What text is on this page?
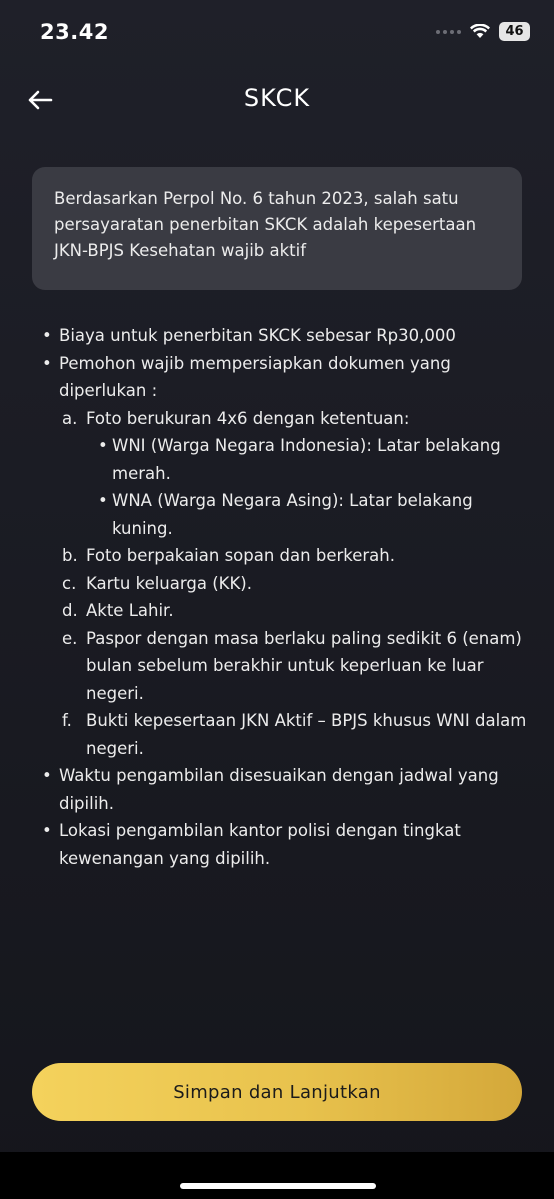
23.42	46
SKCK
Berdasarkan Perpol No. 6 tahun 2023, salah satu persayaratan penerbitan SKCK adalah kepesertaan JKN-BPJS Kesehatan wajib aktif
• Biaya untuk penerbitan SKCK sebesar Rp30,000
• Pemohon wajib mempersiapkan dokumen yang diperlukan :
a. Foto berukuran 4x6 dengan ketentuan:
• WNI (Warga Negara Indonesia): Latar belakang merah.
• WNA (Warga Negara Asing): Latar belakang kuning.
b. Foto berpakaian sopan dan berkerah.
c. Kartu keluarga (KK).
d. Akte Lahir.
e. Paspor dengan masa berlaku paling sedikit 6 (enam) bulan sebelum berakhir untuk keperluan ke luar negeri.
f. Bukti kepesertaan JKN Aktif – BPJS khusus WNI dalam negeri.
• Waktu pengambilan disesuaikan dengan jadwal yang dipilih.
• Lokasi pengambilan kantor polisi dengan tingkat kewenangan yang dipilih.
Simpan dan Lanjutkan
